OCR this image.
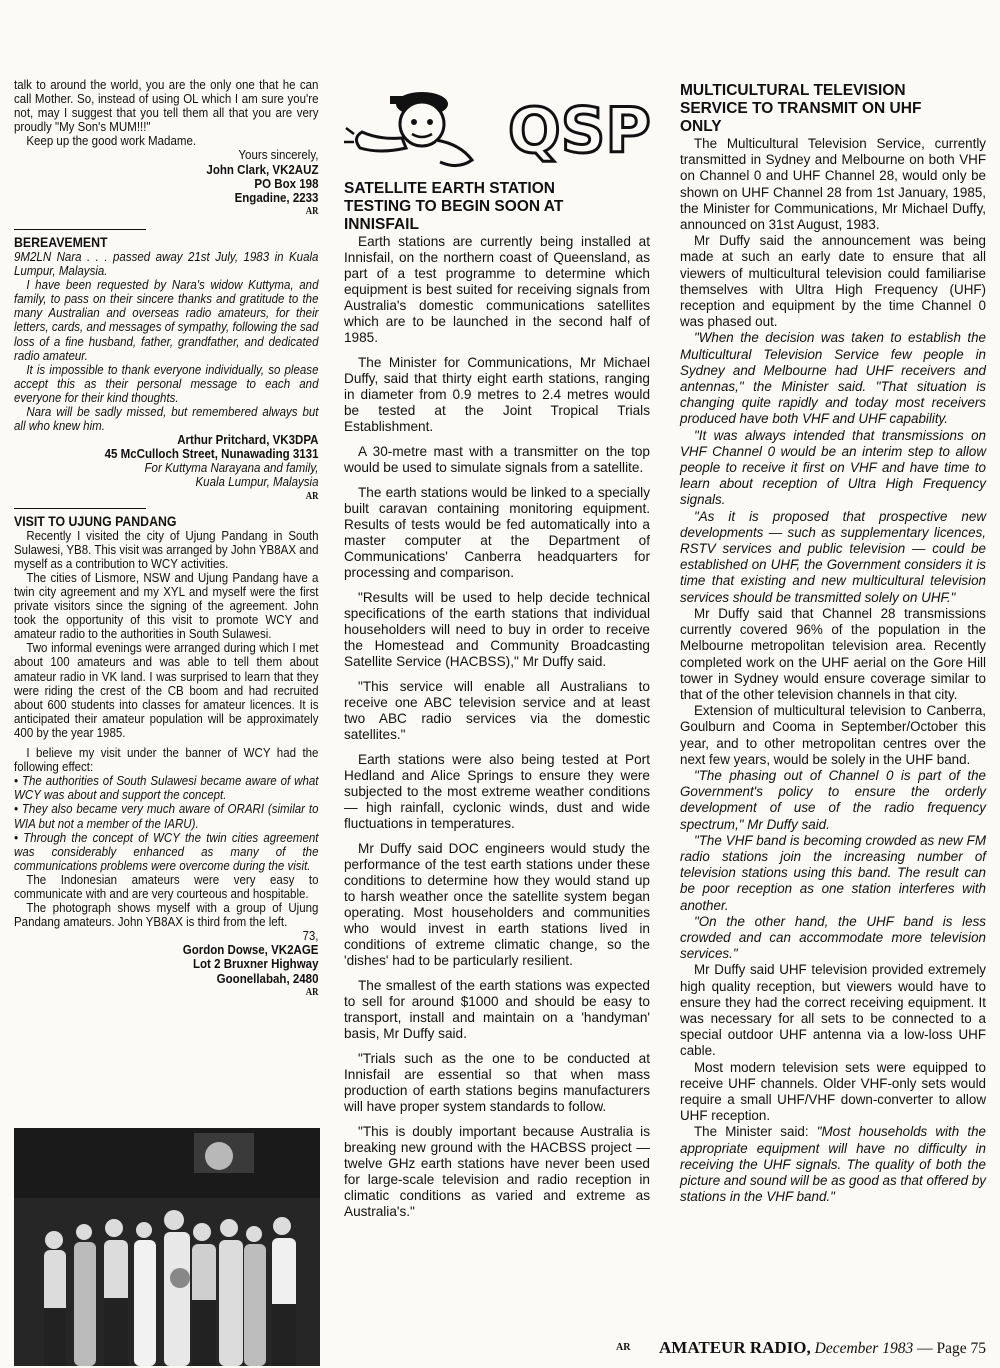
talk to around the world, you are the only one that he can call Mother. So, instead of using OL which I am sure you're not, may I suggest that you tell them all that you are very proudly "My Son's MUM!!!"

Keep up the good work Madame.

Yours sincerely,

John Clark, VK2AUZ

PO Box 198

Engadine, 2233

AR
BEREAVEMENT

9M2LN Nara . . . passed away 21st July, 1983 in Kuala Lumpur, Malaysia.

I have been requested by Nara's widow Kuttyma, and family, to pass on their sincere thanks and gratitude to the many Australian and overseas radio amateurs, for their letters, cards, and messages of sympathy, following the sad loss of a fine husband, father, grandfather, and dedicated radio amateur.

It is impossible to thank everyone individually, so please accept this as their personal message to each and everyone for their kind thoughts.

Nara will be sadly missed, but remembered always but all who knew him.

Arthur Pritchard, VK3DPA

45 McCulloch Street, Nunawading 3131

For Kuttyma Narayana and family,

Kuala Lumpur, Malaysia

AR
VISIT TO UJUNG PANDANG

Recently I visited the city of Ujung Pandang in South Sulawesi, YB8. This visit was arranged by John YB8AX and myself as a contribution to WCY activities.

The cities of Lismore, NSW and Ujung Pandang have a twin city agreement and my XYL and myself were the first private visitors since the signing of the agreement. John took the opportunity of this visit to promote WCY and amateur radio to the authorities in South Sulawesi.

Two informal evenings were arranged during which I met about 100 amateurs and was able to tell them about amateur radio in VK land. I was surprised to learn that they were riding the crest of the CB boom and had recruited about 600 students into classes for amateur licences. It is anticipated their amateur population will be approximately 400 by the year 1985.

I believe my visit under the banner of WCY had the following effect:

• The authorities of South Sulawesi became aware of what WCY was about and support the concept.

• They also became very much aware of ORARI (similar to WIA but not a member of the IARU).

• Through the concept of WCY the twin cities agreement was considerably enhanced as many of the communications problems were overcome during the visit.

The Indonesian amateurs were very easy to communicate with and are very courteous and hospitable.

The photograph shows myself with a group of Ujung Pandang amateurs. John YB8AX is third from the left.

73,

Gordon Dowse, VK2AGE

Lot 2 Bruxner Highway

Goonellabah, 2480

AR
QSP
SATELLITE EARTH STATION TESTING TO BEGIN SOON AT INNISFAIL

Earth stations are currently being installed at Innisfail, on the northern coast of Queensland, as part of a test programme to determine which equipment is best suited for receiving signals from Australia's domestic communications satellites which are to be launched in the second half of 1985.

The Minister for Communications, Mr Michael Duffy, said that thirty eight earth stations, ranging in diameter from 0.9 metres to 2.4 metres would be tested at the Joint Tropical Trials Establishment.

A 30-metre mast with a transmitter on the top would be used to simulate signals from a satellite.

The earth stations would be linked to a specially built caravan containing monitoring equipment. Results of tests would be fed automatically into a master computer at the Department of Communications' Canberra headquarters for processing and comparison.

"Results will be used to help decide technical specifications of the earth stations that individual householders will need to buy in order to receive the Homestead and Community Broadcasting Satellite Service (HACBSS)," Mr Duffy said.

"This service will enable all Australians to receive one ABC television service and at least two ABC radio services via the domestic satellites."

Earth stations were also being tested at Port Hedland and Alice Springs to ensure they were subjected to the most extreme weather conditions — high rainfall, cyclonic winds, dust and wide fluctuations in temperatures.

Mr Duffy said DOC engineers would study the performance of the test earth stations under these conditions to determine how they would stand up to harsh weather once the satellite system began operating. Most householders and communities who would invest in earth stations lived in conditions of extreme climatic change, so the 'dishes' had to be particularly resilient.

The smallest of the earth stations was expected to sell for around $1000 and should be easy to transport, install and maintain on a 'handyman' basis, Mr Duffy said.

"Trials such as the one to be conducted at Innisfail are essential so that when mass production of earth stations begins manufacturers will have proper system standards to follow.

"This is doubly important because Australia is breaking new ground with the HACBSS project — twelve GHz earth stations have never been used for large-scale television and radio reception in climatic conditions as varied and extreme as Australia's."

MULTICULTURAL TELEVISION SERVICE TO TRANSMIT ON UHF ONLY

The Multicultural Television Service, currently transmitted in Sydney and Melbourne on both VHF on Channel 0 and UHF Channel 28, would only be shown on UHF Channel 28 from 1st January, 1985, the Minister for Communications, Mr Michael Duffy, announced on 31st August, 1983.

Mr Duffy said the announcement was being made at such an early date to ensure that all viewers of multicultural television could familiarise themselves with Ultra High Frequency (UHF) reception and equipment by the time Channel 0 was phased out.

"When the decision was taken to establish the Multicultural Television Service few people in Sydney and Melbourne had UHF receivers and antennas," the Minister said. "That situation is changing quite rapidly and today most receivers produced have both VHF and UHF capability.

"It was always intended that transmissions on VHF Channel 0 would be an interim step to allow people to receive it first on VHF and have time to learn about reception of Ultra High Frequency signals.

"As it is proposed that prospective new developments — such as supplementary licences, RSTV services and public television — could be established on UHF, the Government considers it is time that existing and new multicultural television services should be transmitted solely on UHF."

Mr Duffy said that Channel 28 transmissions currently covered 96% of the population in the Melbourne metropolitan television area. Recently completed work on the UHF aerial on the Gore Hill tower in Sydney would ensure coverage similar to that of the other television channels in that city.

Extension of multicultural television to Canberra, Goulburn and Cooma in September/October this year, and to other metropolitan centres over the next few years, would be solely in the UHF band.

"The phasing out of Channel 0 is part of the Government's policy to ensure the orderly development of use of the radio frequency spectrum," Mr Duffy said.

"The VHF band is becoming crowded as new FM radio stations join the increasing number of television stations using this band. The result can be poor reception as one station interferes with another.

"On the other hand, the UHF band is less crowded and can accommodate more television services."

Mr Duffy said UHF television provided extremely high quality reception, but viewers would have to ensure they had the correct receiving equipment. It was necessary for all sets to be connected to a special outdoor UHF antenna via a low-loss UHF cable.

Most modern television sets were equipped to receive UHF channels. Older VHF-only sets would require a small UHF/VHF down-converter to allow UHF reception.

The Minister said: "Most households with the appropriate equipment will have no difficulty in receiving the UHF signals. The quality of both the picture and sound will be as good as that offered by stations in the VHF band."

AR AMATEUR RADIO, December 1983 — Page 75
